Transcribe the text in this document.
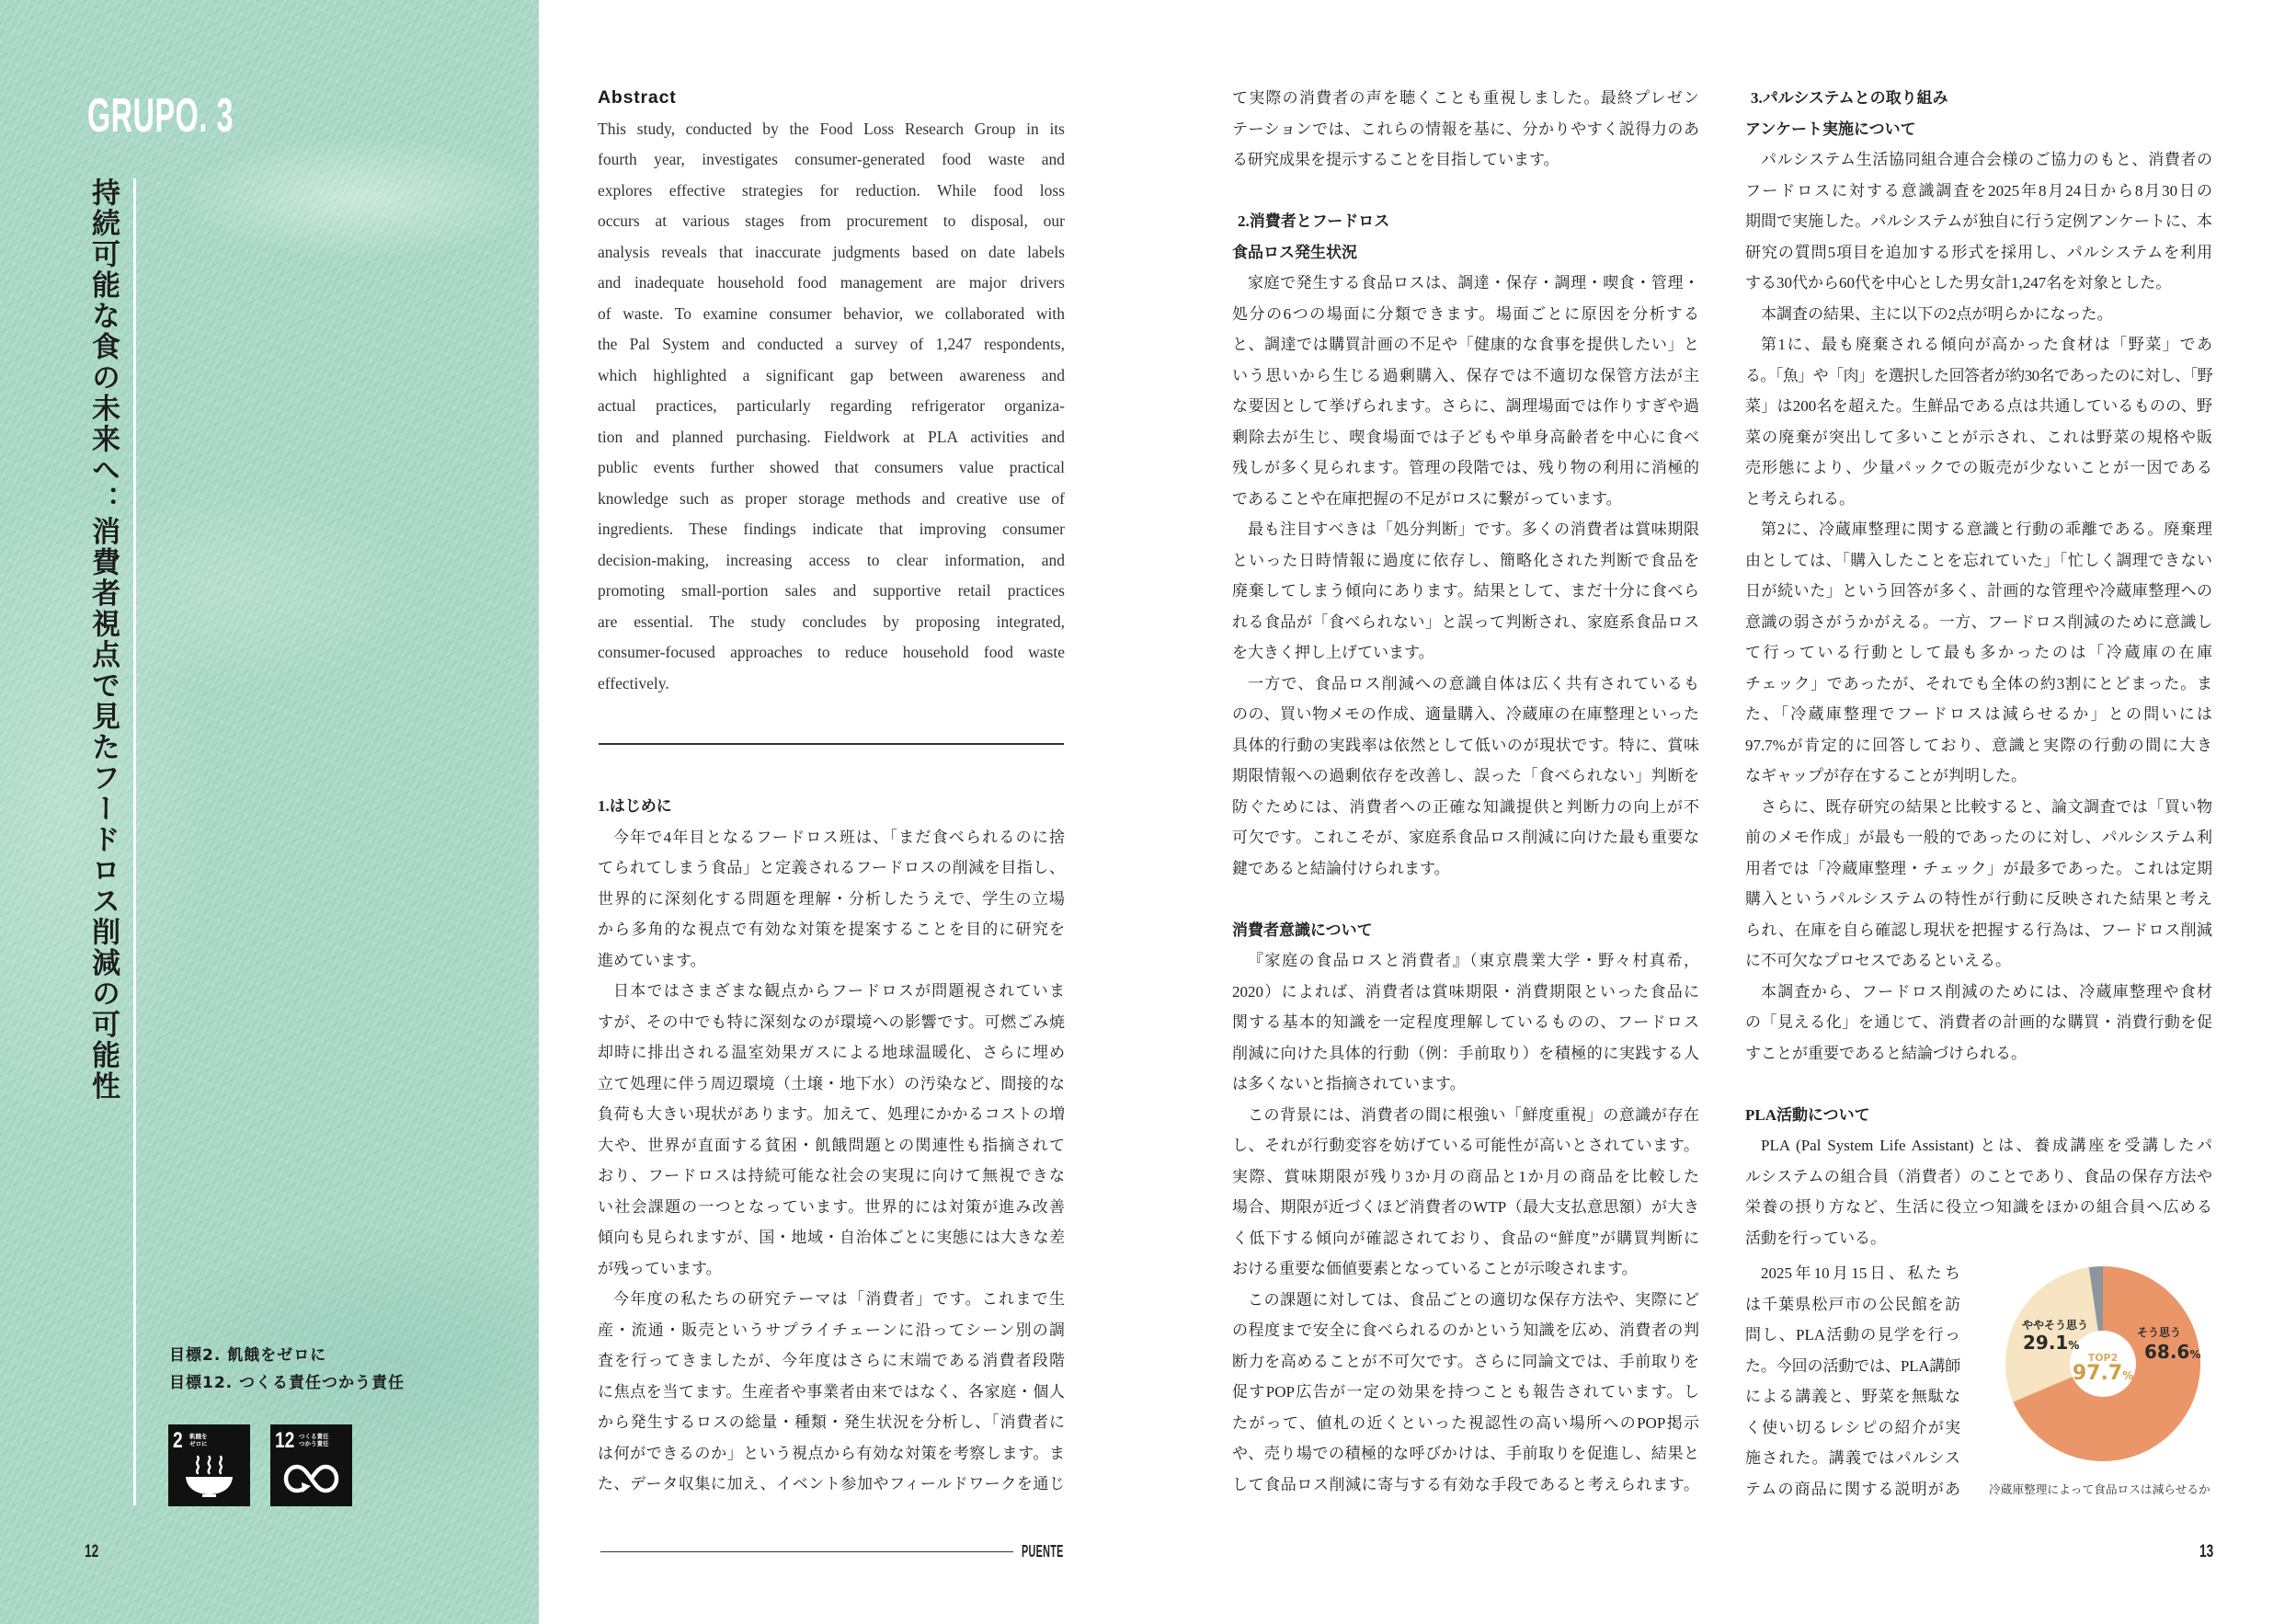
GRUPO. 3
持続可能な食の未来へ：消費者視点で見たフードロス削減の可能性
目標2. 飢餓をゼロに
目標12. つくる責任つかう責任
2 飢餓を
ゼロに	12 つくる責任
つかう責任
12
Abstract
This study, conducted by the Food Loss Research Group in its
fourth year, investigates consumer-generated food waste and
explores effective strategies for reduction. While food loss
occurs at various stages from procurement to disposal, our
analysis reveals that inaccurate judgments based on date labels
and inadequate household food management are major drivers
of waste. To examine consumer behavior, we collaborated with
the Pal System and conducted a survey of 1,247 respondents,
which highlighted a significant gap between awareness and
actual practices, particularly regarding refrigerator organiza-
tion and planned purchasing. Fieldwork at PLA activities and
public events further showed that consumers value practical
knowledge such as proper storage methods and creative use of
ingredients. These findings indicate that improving consumer
decision-making, increasing access to clear information, and
promoting small-portion sales and supportive retail practices
are essential. The study concludes by proposing integrated,
consumer-focused approaches to reduce household food waste
effectively.
1.はじめに
今年で4年目となるフードロス班は、「まだ食べられるのに捨
てられてしまう食品」と定義されるフードロスの削減を目指し、
世界的に深刻化する問題を理解・分析したうえで、学生の立場
から多角的な視点で有効な対策を提案することを目的に研究を
進めています。
日本ではさまざまな観点からフードロスが問題視されていま
すが、その中でも特に深刻なのが環境への影響です。可燃ごみ焼
却時に排出される温室効果ガスによる地球温暖化、さらに埋め
立て処理に伴う周辺環境（土壌・地下水）の汚染など、間接的な
負荷も大きい現状があります。加えて、処理にかかるコストの増
大や、世界が直面する貧困・飢餓問題との関連性も指摘されて
おり、フードロスは持続可能な社会の実現に向けて無視できな
い社会課題の一つとなっています。世界的には対策が進み改善
傾向も見られますが、国・地域・自治体ごとに実態には大きな差
が残っています。
今年度の私たちの研究テーマは「消費者」です。これまで生
産・流通・販売というサプライチェーンに沿ってシーン別の調
査を行ってきましたが、今年度はさらに末端である消費者段階
に焦点を当てます。生産者や事業者由来ではなく、各家庭・個人
から発生するロスの総量・種類・発生状況を分析し、「消費者に
は何ができるのか」という視点から有効な対策を考察します。ま
た、データ収集に加え、イベント参加やフィールドワークを通じ
PUENTE
て実際の消費者の声を聴くことも重視しました。最終プレゼン
テーションでは、これらの情報を基に、分かりやすく説得力のあ
る研究成果を提示することを目指しています。
2.消費者とフードロス
食品ロス発生状況
家庭で発生する食品ロスは、調達・保存・調理・喫食・管理・
処分の6つの場面に分類できます。場面ごとに原因を分析する
と、調達では購買計画の不足や「健康的な食事を提供したい」と
いう思いから生じる過剰購入、保存では不適切な保管方法が主
な要因として挙げられます。さらに、調理場面では作りすぎや過
剰除去が生じ、喫食場面では子どもや単身高齢者を中心に食べ
残しが多く見られます。管理の段階では、残り物の利用に消極的
であることや在庫把握の不足がロスに繋がっています。
最も注目すべきは「処分判断」です。多くの消費者は賞味期限
といった日時情報に過度に依存し、簡略化された判断で食品を
廃棄してしまう傾向にあります。結果として、まだ十分に食べら
れる食品が「食べられない」と誤って判断され、家庭系食品ロス
を大きく押し上げています。
一方で、食品ロス削減への意識自体は広く共有されているも
のの、買い物メモの作成、適量購入、冷蔵庫の在庫整理といった
具体的行動の実践率は依然として低いのが現状です。特に、賞味
期限情報への過剰依存を改善し、誤った「食べられない」判断を
防ぐためには、消費者への正確な知識提供と判断力の向上が不
可欠です。これこそが、家庭系食品ロス削減に向けた最も重要な
鍵であると結論付けられます。
消費者意識について
『家庭の食品ロスと消費者』（東京農業大学・野々村真希，
2020）によれば、消費者は賞味期限・消費期限といった食品に
関する基本的知識を一定程度理解しているものの、フードロス
削減に向けた具体的行動（例：手前取り）を積極的に実践する人
は多くないと指摘されています。
この背景には、消費者の間に根強い「鮮度重視」の意識が存在
し、それが行動変容を妨げている可能性が高いとされています。
実際、賞味期限が残り3か月の商品と1か月の商品を比較した
場合、期限が近づくほど消費者のWTP（最大支払意思額）が大き
く低下する傾向が確認されており、食品の“鮮度”が購買判断に
おける重要な価値要素となっていることが示唆されます。
この課題に対しては、食品ごとの適切な保存方法や、実際にど
の程度まで安全に食べられるのかという知識を広め、消費者の判
断力を高めることが不可欠です。さらに同論文では、手前取りを
促すPOP広告が一定の効果を持つことも報告されています。し
たがって、値札の近くといった視認性の高い場所へのPOP掲示
や、売り場での積極的な呼びかけは、手前取りを促進し、結果と
して食品ロス削減に寄与する有効な手段であると考えられます。
3.パルシステムとの取り組み
アンケート実施について
パルシステム生活協同組合連合会様のご協力のもと、消費者の
フードロスに対する意識調査を2025年8月24日から8月30日の
期間で実施した。パルシステムが独自に行う定例アンケートに、本
研究の質問5項目を追加する形式を採用し、パルシステムを利用
する30代から60代を中心とした男女計1,247名を対象とした。
本調査の結果、主に以下の2点が明らかになった。
第1に、最も廃棄される傾向が高かった食材は「野菜」であ
る。「魚」や「肉」を選択した回答者が約30名であったのに対し、「野
菜」は200名を超えた。生鮮品である点は共通しているものの、野
菜の廃棄が突出して多いことが示され、これは野菜の規格や販
売形態により、少量パックでの販売が少ないことが一因である
と考えられる。
第2に、冷蔵庫整理に関する意識と行動の乖離である。廃棄理
由としては、「購入したことを忘れていた」「忙しく調理できない
日が続いた」という回答が多く、計画的な管理や冷蔵庫整理への
意識の弱さがうかがえる。一方、フードロス削減のために意識し
て行っている行動として最も多かったのは「冷蔵庫の在庫
チェック」であったが、それでも全体の約3割にとどまった。ま
た、「冷蔵庫整理でフードロスは減らせるか」との問いには
97.7%が肯定的に回答しており、意識と実際の行動の間に大き
なギャップが存在することが判明した。
さらに、既存研究の結果と比較すると、論文調査では「買い物
前のメモ作成」が最も一般的であったのに対し、パルシステム利
用者では「冷蔵庫整理・チェック」が最多であった。これは定期
購入というパルシステムの特性が行動に反映された結果と考え
られ、在庫を自ら確認し現状を把握する行為は、フードロス削減
に不可欠なプロセスであるといえる。
本調査から、フードロス削減のためには、冷蔵庫整理や食材
の「見える化」を通じて、消費者の計画的な購買・消費行動を促
すことが重要であると結論づけられる。
PLA活動について
PLA (Pal System Life Assistant) とは、養成講座を受講したパ
ルシステムの組合員（消費者）のことであり、食品の保存方法や
栄養の摂り方など、生活に役立つ知識をほかの組合員へ広める
活動を行っている。
2025年10月15日、私たち
は千葉県松戸市の公民館を訪
問し、PLA活動の見学を行っ
た。今回の活動では、PLA講師
による講義と、野菜を無駄な
く使い切るレシピの紹介が実
施された。講義ではパルシス
テムの商品に関する説明があ
ややそう思う
29.1%
そう思う
68.6%
TOP2
97.7%
冷蔵庫整理によって食品ロスは減らせるか
13
